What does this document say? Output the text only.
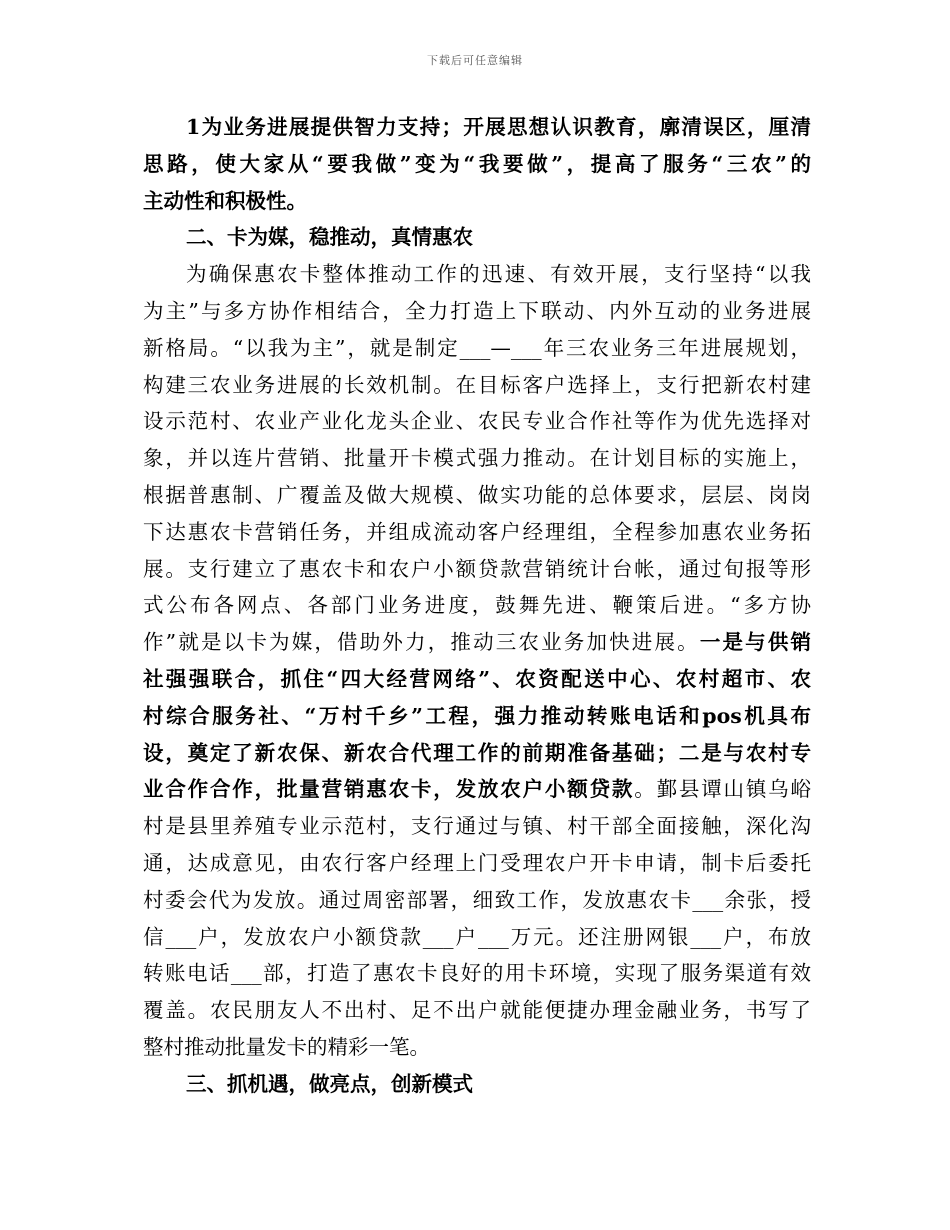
下载后可任意编辑
1为业务进展提供智力支持；开展思想认识教育，廓清误区，厘清
思路，使大家从“要我做”变为“我要做”，提高了服务“三农”的
主动性和积极性。
二、卡为媒，稳推动，真情惠农
为确保惠农卡整体推动工作的迅速、有效开展，支行坚持“以我
为主”与多方协作相结合，全力打造上下联动、内外互动的业务进展
新格局。“以我为主”，就是制定___—___年三农业务三年进展规划，
构建三农业务进展的长效机制。在目标客户选择上，支行把新农村建
设示范村、农业产业化龙头企业、农民专业合作社等作为优先选择对
象，并以连片营销、批量开卡模式强力推动。在计划目标的实施上，
根据普惠制、广覆盖及做大规模、做实功能的总体要求，层层、岗岗
下达惠农卡营销任务，并组成流动客户经理组，全程参加惠农业务拓
展。支行建立了惠农卡和农户小额贷款营销统计台帐，通过旬报等形
式公布各网点、各部门业务进度，鼓舞先进、鞭策后进。“多方协
作”就是以卡为媒，借助外力，推动三农业务加快进展。一是与供销
社强强联合，抓住“四大经营网络”、农资配送中心、农村超市、农
村综合服务社、“万村千乡”工程，强力推动转账电话和pos机具布
设，奠定了新农保、新农合代理工作的前期准备基础；二是与农村专
业合作合作，批量营销惠农卡，发放农户小额贷款。鄞县谭山镇乌峪
村是县里养殖专业示范村，支行通过与镇、村干部全面接触，深化沟
通，达成意见，由农行客户经理上门受理农户开卡申请，制卡后委托
村委会代为发放。通过周密部署，细致工作，发放惠农卡___余张，授
信___户，发放农户小额贷款___户___万元。还注册网银___户，布放
转账电话___部，打造了惠农卡良好的用卡环境，实现了服务渠道有效
覆盖。农民朋友人不出村、足不出户就能便捷办理金融业务，书写了
整村推动批量发卡的精彩一笔。
三、抓机遇，做亮点，创新模式
